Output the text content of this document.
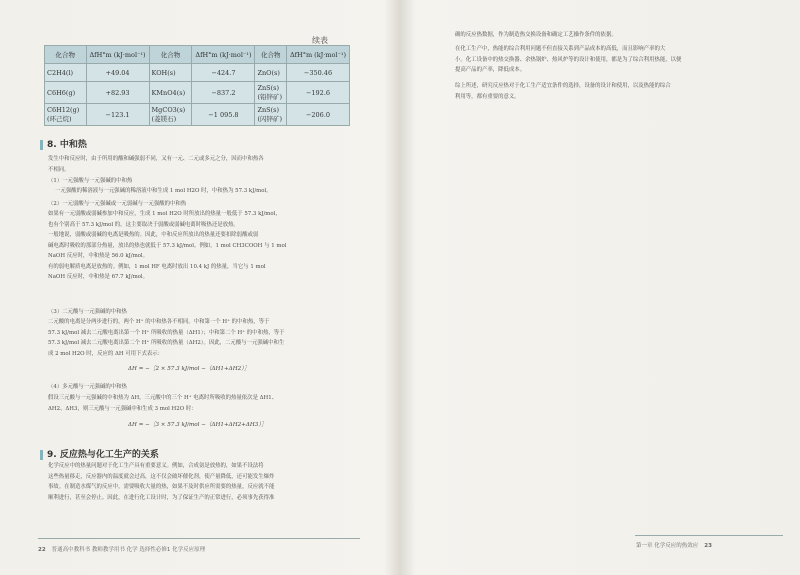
续表
化合物	ΔfH°m (kJ·mol⁻¹)	化合物	ΔfH°m (kJ·mol⁻¹)	化合物	ΔfH°m (kJ·mol⁻¹)
C2H4(l)	+49.04	KOH(s)	−424.7	ZnO(s)	−350.46
C6H6(g)	+82.93	KMnO4(s)	−837.2	ZnS(s)(铅锌矿)	−192.6
C6H12(g)(环己烷)	−123.1	MgCO3(s)(菱镁石)	−1 095.8	ZnS(s)(闪锌矿)	−206.0
8. 中和热
发生中和反应时，由于所用的酸和碱强弱不同，又有一元、二元或多元之分，因而中和热各
不相同。
（1）一元强酸与一元强碱的中和热
一元强酸的稀溶液与一元强碱的稀溶液中和生成 1 mol H2O 时，中和热为 57.3 kJ/mol。
（2）一元弱酸与一元强碱或一元弱碱与一元强酸的中和热
如果有一元弱酸或弱碱参加中和反应，生成 1 mol H2O 时所放出的热量一般低于 57.3 kJ/mol，
也有个别高于 57.3 kJ/mol 的。这主要取决于弱酸或弱碱电离时吸热还是放热。
一般地说，弱酸或弱碱的电离是吸热的。因此，中和反应所放出的热量还要扣除弱酸或弱
碱电离时吸收的那部分热量，放出的热也就低于 57.3 kJ/mol。例如，1 mol CH3COOH 与 1 mol
NaOH 反应时，中和热是 56.0 kJ/mol。
有的弱电解质电离是放热的。例如，1 mol HF 电离时放出 10.4 kJ 的热量，当它与 1 mol
NaOH 反应时，中和热是 67.7 kJ/mol。
（3）二元酸与一元强碱的中和热
二元酸的电离是分两步进行的，两个 H⁺ 的中和热各不相同。中和第一个 H⁺ 的中和热，等于
57.3 kJ/mol 减去二元酸电离出第一个 H⁺ 所吸收的热量（ΔH1）；中和第二个 H⁺ 的中和热，等于
57.3 kJ/mol 减去二元酸电离出第二个 H⁺ 所吸收的热量（ΔH2）。因此，二元酸与一元强碱中和生
成 2 mol H2O 时，反应的 ΔH 可用下式表示：
ΔH = −［2 × 57.3 kJ/mol −（ΔH1+ΔH2）］
（4）多元酸与一元强碱的中和热
假设三元酸与一元强碱的中和热为 ΔH，三元酸中的三个 H⁺ 电离时所吸收的热量依次是 ΔH1、
ΔH2、ΔH3，则三元酸与一元强碱中和生成 3 mol H2O 时：
ΔH = −［3 × 57.3 kJ/mol −（ΔH1+ΔH2+ΔH3）］
9. 反应热与化工生产的关系
化学反应中的热量问题对于化工生产具有重要意义。例如，合成氨是放热的，如果不设法将
这些热量移走，反应器内的温度就会过高，这不仅会破坏催化剂，使产量降低，还可能发生爆炸
事故。在制造水煤气的反应中，需要吸收大量的热，如果不及时供应所需要的热量，反应就不能
顺利进行，甚至会停止。因此，在进行化工设计时，为了保证生产的正常进行，必须事先获得准
22 普通高中教科书 教师教学用书 化学 选择性必修1 化学反应原理
确的反应热数据，作为制造热交换设备和确定工艺操作条件的依据。
在化工生产中，热能的综合利用问题不但直接关系到产品成本的高低，而且影响产率的大
小。化工设备中的热交换器、余热锅炉、热风炉等的设计和使用，都是为了综合利用热能，以便
提高产品的产率，降低成本。
综上所述，研究反应热对于化工生产适宜条件的选择，设备的设计和使用，以及热能的综合
利用等，都有重要的意义。
第一章 化学反应的热效应 23
